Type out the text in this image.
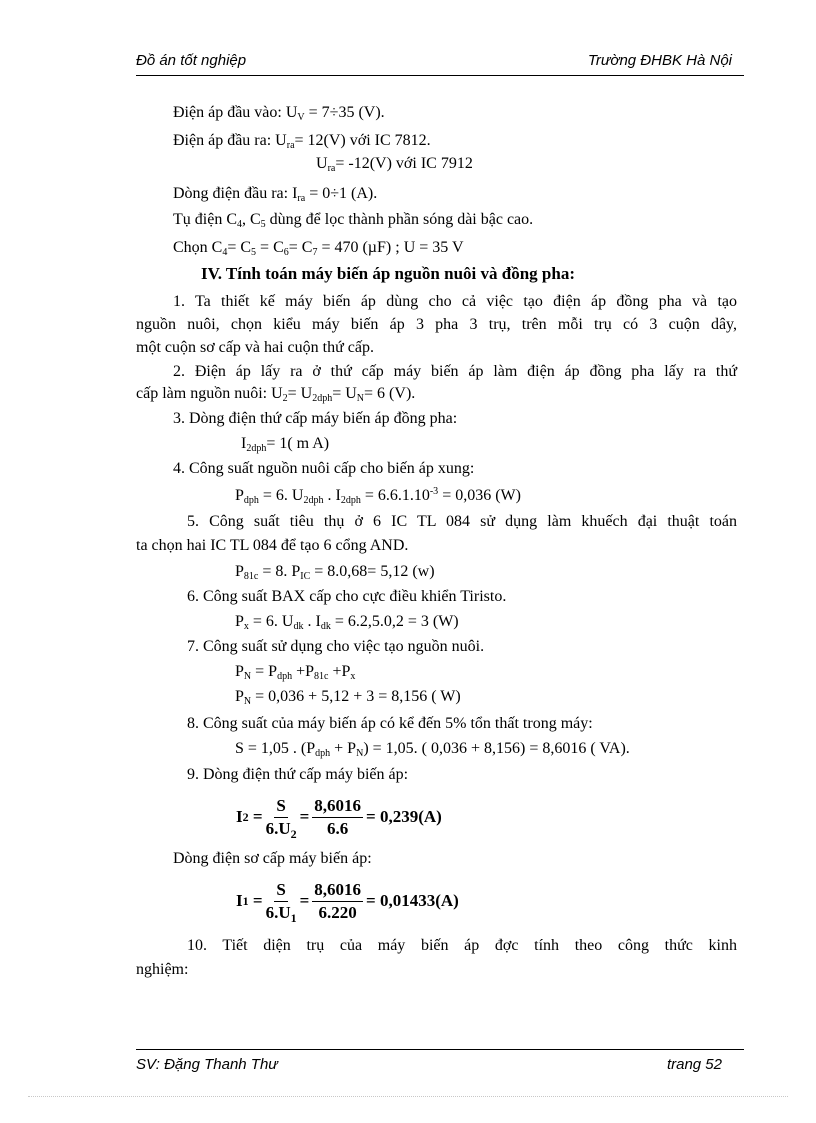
Đồ án tốt nghiệp	Trường ĐHBK Hà Nội
Điện áp đầu vào: $U_V = 7\div 35$ (V).
Điện áp đầu ra: $U_{ra}= 12(V)$ với IC 7812.
$U_{ra}= -12(V)$ với IC 7912
Dòng điện đầu ra: $I_{ra} = 0\div 1$ (A).
Tụ điện $C_4$, $C_5$ dùng để lọc thành phần sóng dài bậc cao.
Chọn $C_4= C_5 = C_6= C_7 = 470$ (µF) ; U = 35 V
IV. Tính toán máy biến áp nguồn nuôi và đồng pha:
1. Ta thiết kế máy biến áp dùng cho cả việc tạo điện áp đồng pha và tạo
nguồn nuôi, chọn kiểu máy biến áp 3 pha 3 trụ, trên mỗi trụ có 3 cuộn dây,
một cuộn sơ cấp và hai cuộn thứ cấp.
2. Điện áp lấy ra ở thứ cấp máy biến áp làm điện áp đồng pha lấy ra thứ
cấp làm nguồn nuôi: $U_2= U_{2dph}= U_N= 6$ (V).
3. Dòng điện thứ cấp máy biến áp đồng pha:
$I_{2dph}= 1$( m A)
4. Công suất nguồn nuôi cấp cho biến áp xung:
$P_{dph} = 6$. $U_{2dph}$ . $I_{2dph} = 6.6.1.10^{-3} = 0,036$ (W)
5. Công suất tiêu thụ ở 6 IC TL 084 sử dụng làm khuếch đại thuật toán
ta chọn hai IC TL 084 để tạo 6 cổng AND.
$P_{81c} = 8$. $P_{IC} = 8.0,68= 5,12$ (w)
6. Công suất BAX cấp cho cực điều khiển Tiristo.
$P_x = 6$. $U_{dk}$ . $I_{dk} = 6.2,5.0,2 = 3$ (W)
7. Công suất sử dụng cho việc tạo nguồn nuôi.
$P_N = P_{dph} +P_{81c} +P_x$
$P_N = 0,036 + 5,12 + 3 = 8,156$ ( W)
8. Công suất của máy biến áp có kể đến 5% tổn thất trong máy:
S = 1,05 . $(P_{dph} + P_N) = 1,05$. ( 0,036 + 8,156) = 8,6016 ( VA).
9. Dòng điện thứ cấp máy biến áp:
I $2 = \frac{S}{6.U_2} = \frac{8,6016}{6.6} = 0,239(A)$
Dòng điện sơ cấp máy biến áp:
I $1 = \frac{S}{6.U_1} = \frac{8,6016}{6.220} = 0,01433(A)$
10. Tiết diện trụ của máy biến áp đợc tính theo công thức kinh
nghiệm:
SV: Đặng Thanh Thư	trang 52
